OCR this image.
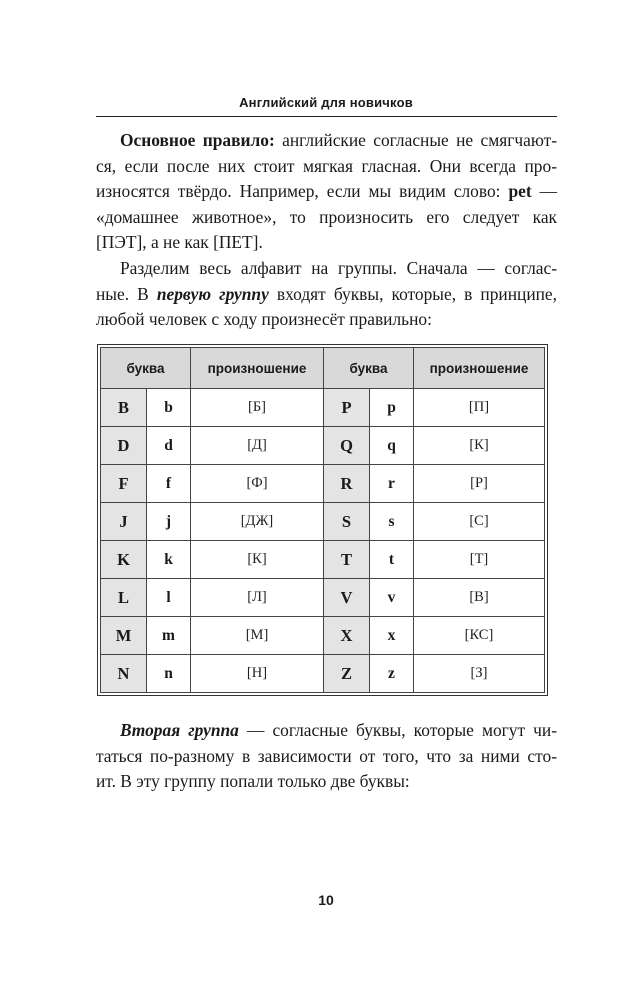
Английский для новичков
Основное правило: английские согласные не смягчают-
ся, если после них стоит мягкая гласная. Они всегда про-
износятся твёрдо. Например, если мы видим слово: pet —
«домашнее животное», то произносить его следует как
[ПЭТ], а не как [ПЕТ].
Разделим весь алфавит на группы. Сначала — соглас-
ные. В первую группу входят буквы, которые, в принципе,
любой человек с ходу произнесёт правильно:
буква		произношение	буква		произношение
B	b	[Б]	P	p	[П]
D	d	[Д]	Q	q	[К]
F	f	[Ф]	R	r	[Р]
J	j	[ДЖ]	S	s	[С]
K	k	[К]	T	t	[Т]
L	l	[Л]	V	v	[В]
M	m	[М]	X	x	[КС]
N	n	[Н]	Z	z	[З]
Вторая группа — согласные буквы, которые могут чи-
таться по-разному в зависимости от того, что за ними сто-
ит. В эту группу попали только две буквы:
10
